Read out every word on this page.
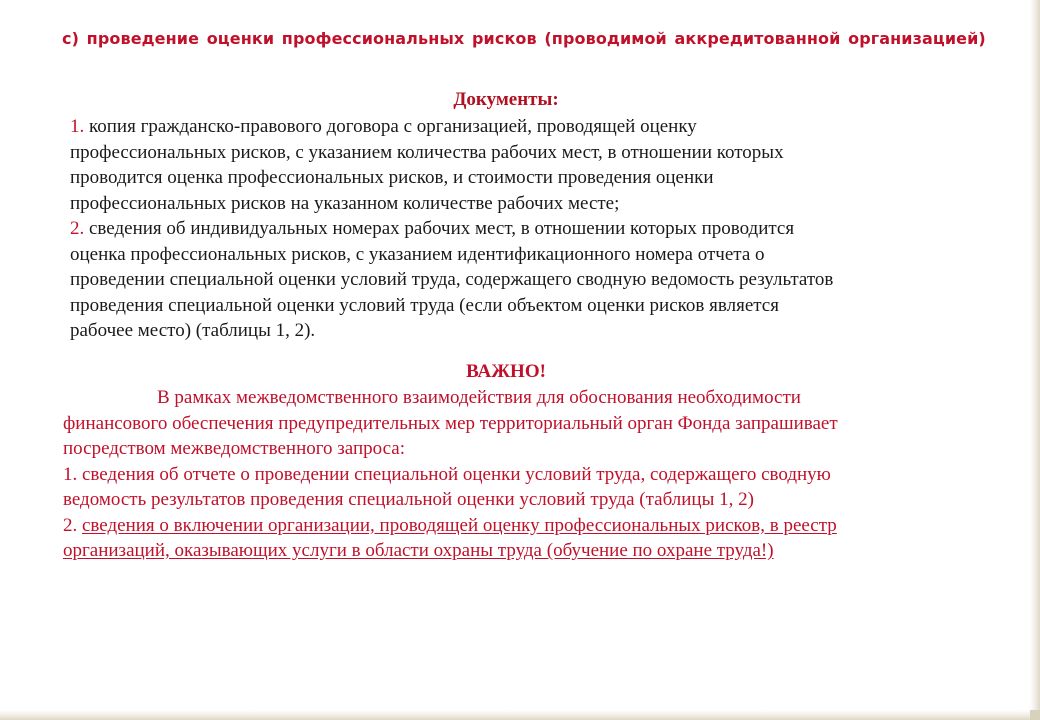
с) проведение оценки профессиональных рисков (проводимой аккредитованной организацией)
Документы:
1. копия гражданско-правового договора с организацией, проводящей оценку
профессиональных рисков, с указанием количества рабочих мест, в отношении которых
проводится оценка профессиональных рисков, и стоимости проведения оценки
профессиональных рисков на указанном количестве рабочих месте;
2. сведения об индивидуальных номерах рабочих мест, в отношении которых проводится
оценка профессиональных рисков, с указанием идентификационного номера отчета о
проведении специальной оценки условий труда, содержащего сводную ведомость результатов
проведения специальной оценки условий труда (если объектом оценки рисков является
рабочее место) (таблицы 1, 2).
ВАЖНО!
В рамках межведомственного взаимодействия для обоснования необходимости
финансового обеспечения предупредительных мер территориальный орган Фонда запрашивает
посредством межведомственного запроса:
1. сведения об отчете о проведении специальной оценки условий труда, содержащего сводную
ведомость результатов проведения специальной оценки условий труда (таблицы 1, 2)
2. сведения о включении организации, проводящей оценку профессиональных рисков, в реестр
организаций, оказывающих услуги в области охраны труда (обучение по охране труда!)
